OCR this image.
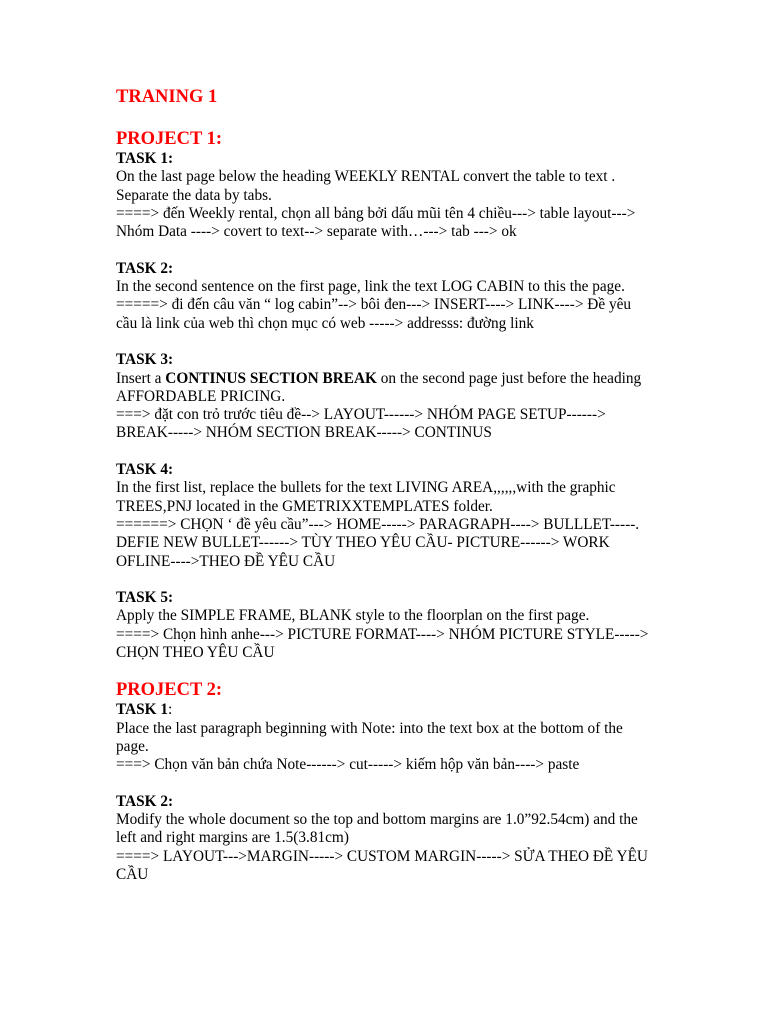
TRANING 1

PROJECT 1:

TASK 1:

On the last page below the heading WEEKLY RENTAL convert the table to text . Separate the data by tabs.

====> đến Weekly rental, chọn all bảng bởi dấu mũi tên 4 chiều---> table layout---> Nhóm Data ----> covert to text--> separate with…---> tab ---> ok

TASK 2:

In the second sentence on the first page, link the text LOG CABIN to this the page.

=====> đi đến câu văn “ log cabin”--> bôi đen---> INSERT----> LINK----> Đề yêu cầu là link của web thì chọn mục có web -----> addresss: đường link

TASK 3:

Insert a CONTINUS SECTION BREAK on the second page just before the heading AFFORDABLE PRICING.

===> đặt con trỏ trước tiêu đề--> LAYOUT------> NHÓM PAGE SETUP------> BREAK-----> NHÓM SECTION BREAK-----> CONTINUS

TASK 4:

In the first list, replace the bullets for the text LIVING AREA,,,,,,with the graphic TREES,PNJ located in the GMETRIXXTEMPLATES folder.

======> CHỌN ‘ đề yêu cầu”---> HOME-----> PARAGRAPH----> BULLLET-----. DEFIE NEW BULLET------> TÙY THEO YÊU CẦU- PICTURE------> WORK OFLINE---->THEO ĐỀ YÊU CẦU

TASK 5:

Apply the SIMPLE FRAME, BLANK style to the floorplan on the first page.

====> Chọn hình anhe---> PICTURE FORMAT----> NHÓM PICTURE STYLE-----> CHỌN THEO YÊU CẦU

PROJECT 2:

TASK 1:

Place the last paragraph beginning with Note: into the text box at the bottom of the page.

===> Chọn văn bản chứa Note------> cut-----> kiếm hộp văn bản----> paste

TASK 2:

Modify the whole document so the top and bottom margins are 1.0”92.54cm) and the left and right margins are 1.5(3.81cm)

====> LAYOUT--->MARGIN-----> CUSTOM MARGIN-----> SỬA THEO ĐỀ YÊU CẦU
